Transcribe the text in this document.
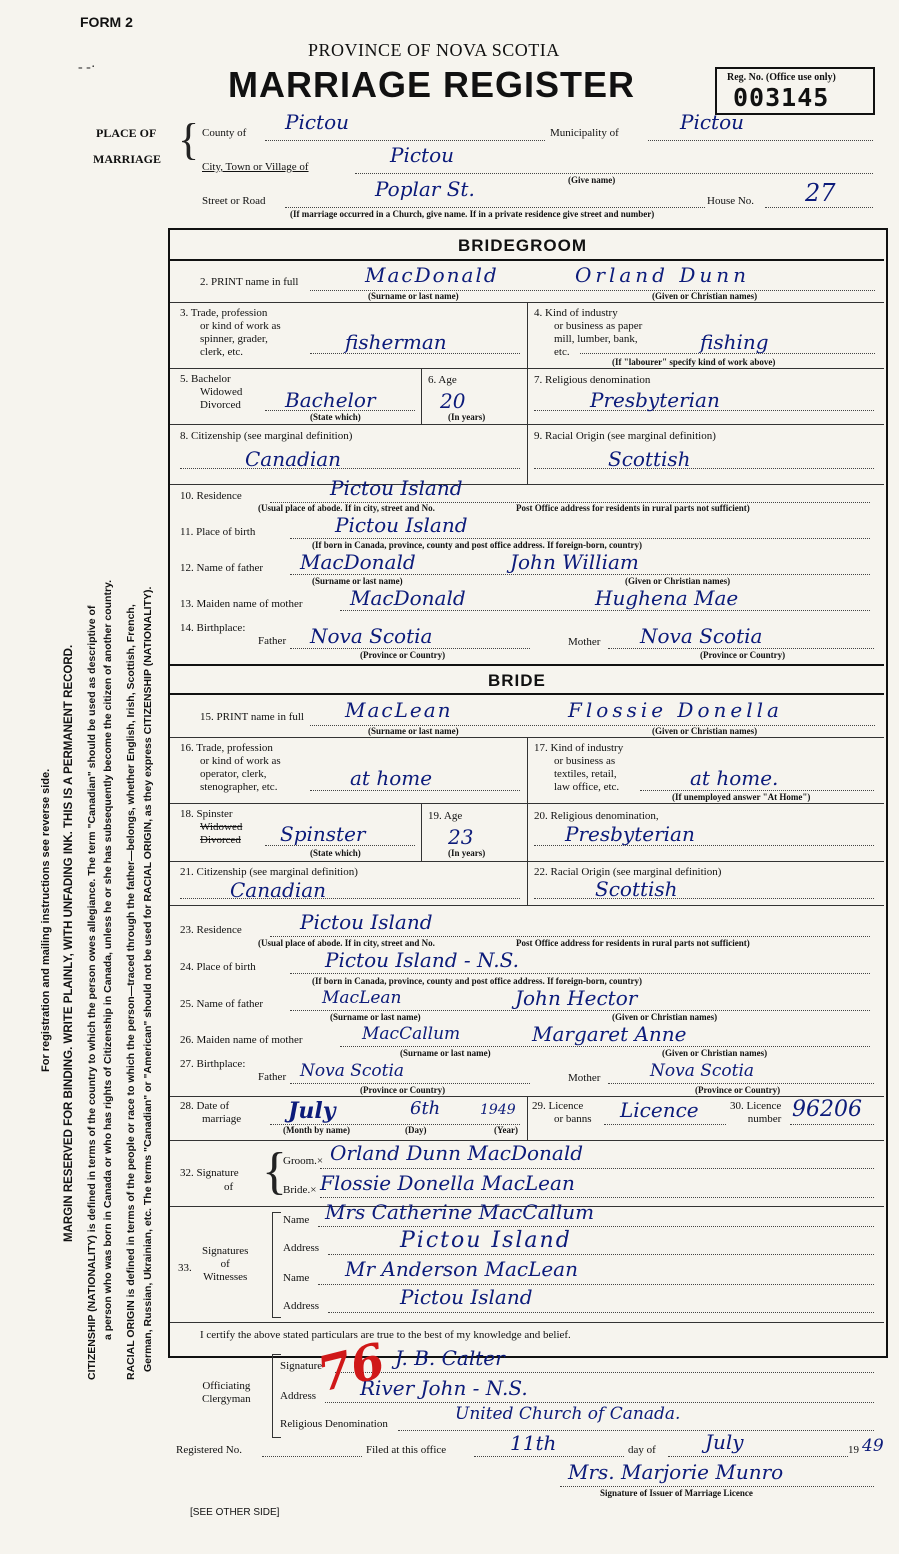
FORM 2
- -·
PROVINCE OF NOVA SCOTIA
MARRIAGE REGISTER	Reg. No. (Office use only)
003145
PLACE OF
MARRIAGE { County of Pictou	Municipality of	Pictou
City, Town or Village of	Pictou
(Give name)
Street or Road	Poplar St.	House No. 27
(If marriage occurred in a Church, give name. If in a private residence give street and number)
For registration and mailing instructions see reverse side. MARGIN RESERVED FOR BINDING. WRITE PLAINLY, WITH UNFADING INK. THIS IS A PERMANENT RECORD. CITIZENSHIP (NATIONALITY) is defined in terms of the country to which the person owes allegiance. The term "Canadian" should be used as descriptive of a person who was born in Canada or who has rights of Citizenship in Canada, unless he or she has subsequently become the citizen of another country. RACIAL ORIGIN is defined in terms of the people or race to which the person—traced through the father—belongs, whether English, Irish, Scottish, French, German, Russian, Ukrainian, etc. The terms "Canadian" or "American" should not be used for RACIAL ORIGIN, as they express CITIZENSHIP (NATIONALITY).
BRIDEGROOM
2. PRINT name in full	MacDonald	Orland Dunn
(Surname or last name)	(Given or Christian names)
3. Trade, profession
or kind of work as
spinner, grader,
clerk, etc.	fisherman
4. Kind of industry
or business as paper
mill, lumber, bank,
etc.	fishing
(If "labourer" specify kind of work above)
5. Bachelor
Widowed
Divorced Bachelor
(State which)
6. Age
20
(In years)
7. Religious denomination
Presbyterian
8. Citizenship (see marginal definition)
Canadian
9. Racial Origin (see marginal definition)
Scottish
10. Residence	Pictou Island
(Usual place of abode. If in city, street and No.	Post Office address for residents in rural parts not sufficient)
11. Place of birth	Pictou Island
(If born in Canada, province, county and post office address. If foreign-born, country)
12. Name of father MacDonald	John William
(Surname or last name)	(Given or Christian names)
13. Maiden name of mother MacDonald	Hughena Mae
14. Birthplace:
Father Nova Scotia	Mother Nova Scotia
(Province or Country)	(Province or Country)
BRIDE
15. PRINT name in full MacLean	Flossie Donella
(Surname or last name)	(Given or Christian names)
16. Trade, profession
or kind of work as
operator, clerk,
stenographer, etc.	at home
17. Kind of industry
or business as
textiles, retail,
law office, etc.	at home.
(If unemployed answer "At Home")
18. Spinster
Widowed
Divorced Spinster
(State which)
19. Age
23
(In years)
20. Religious denomination,
Presbyterian
21. Citizenship (see marginal definition)
Canadian
22. Racial Origin (see marginal definition)
Scottish
23. Residence	Pictou Island
(Usual place of abode. If in city, street and No.	Post Office address for residents in rural parts not sufficient)
24. Place of birth	Pictou Island - N.S.
(If born in Canada, province, county and post office address. If foreign-born, country)
25. Name of father	MacLean	John Hector
(Surname or last name)	(Given or Christian names)
26. Maiden name of mother	MacCallum	Margaret Anne
(Surname or last name)	(Given or Christian names)
27. Birthplace:
Father Nova Scotia	Mother	Nova Scotia
(Province or Country)	(Province or Country)
28. Date of
marriage July	6th	1949
(Month by name)	(Day)	(Year)
29. Licence
or banns Licence	30. Licence
number 96206
32. Signature
of {
Groom.× Orland Dunn MacDonald
Bride.× Flossie Donella MacLean
33.
Signatures
of
Witnesses
Name Mrs Catherine MacCallum
Address	Pictou Island
Name Mr Anderson MacLean
Address	Pictou Island
I certify the above stated particulars are true to the best of my knowledge and belief.
Officiating
Clergyman
Signature	J. B. Calter
Address River John - N.S.
Religious Denomination	United Church of Canada.
76
Registered No.	Filed at this office	11th	day of July	19 49
Mrs. Marjorie Munro
Signature of Issuer of Marriage Licence
[SEE OTHER SIDE]
